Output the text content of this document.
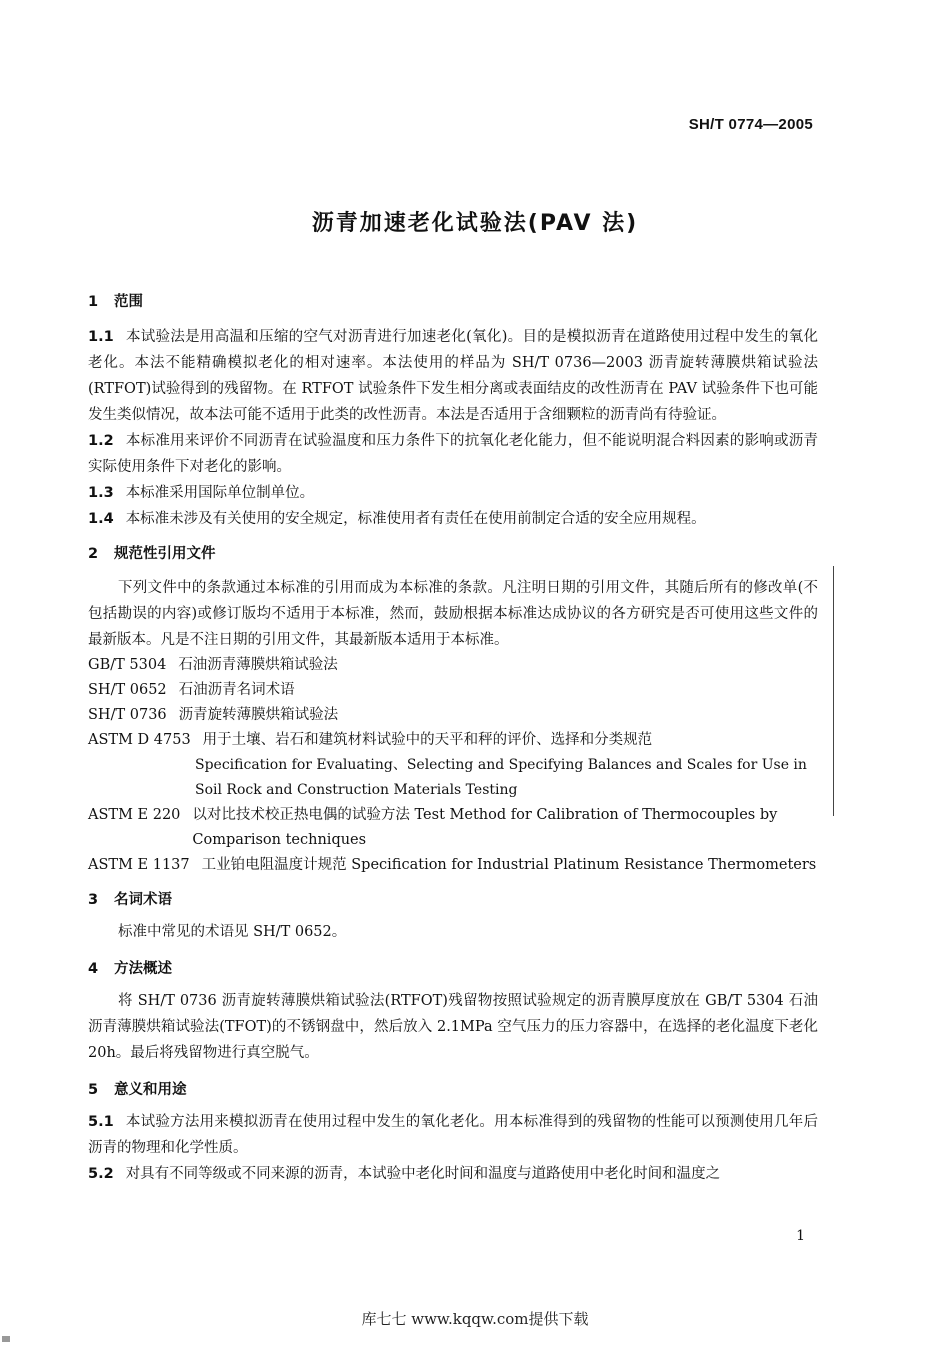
SH/T 0774—2005
沥青加速老化试验法(PAV 法)
1 范围

1.1 本试验法是用高温和压缩的空气对沥青进行加速老化(氧化)。目的是模拟沥青在道路使用过程中发生的氧化老化。本法不能精确模拟老化的相对速率。本法使用的样品为 SH/T 0736—2003 沥青旋转薄膜烘箱试验法(RTFOT)试验得到的残留物。在 RTFOT 试验条件下发生相分离或表面结皮的改性沥青在 PAV 试验条件下也可能发生类似情况，故本法可能不适用于此类的改性沥青。本法是否适用于含细颗粒的沥青尚有待验证。

1.2 本标准用来评价不同沥青在试验温度和压力条件下的抗氧化老化能力，但不能说明混合料因素的影响或沥青实际使用条件下对老化的影响。

1.3 本标准采用国际单位制单位。

1.4 本标准未涉及有关使用的安全规定，标准使用者有责任在使用前制定合适的安全应用规程。

2 规范性引用文件

下列文件中的条款通过本标准的引用而成为本标准的条款。凡注明日期的引用文件，其随后所有的修改单(不包括勘误的内容)或修订版均不适用于本标准，然而，鼓励根据本标准达成协议的各方研究是否可使用这些文件的最新版本。凡是不注日期的引用文件，其最新版本适用于本标准。

GB/T 5304 石油沥青薄膜烘箱试验法

SH/T 0652 石油沥青名词术语

SH/T 0736 沥青旋转薄膜烘箱试验法

ASTM D 4753 用于土壤、岩石和建筑材料试验中的天平和秤的评价、选择和分类规范

Specification for Evaluating、Selecting and Specifying Balances and Scales for Use in Soil Rock and Construction Materials Testing

ASTM E 220 以对比技术校正热电偶的试验方法 Test Method for Calibration of Thermocouples by Comparison techniques

ASTM E 1137 工业铂电阻温度计规范 Specification for Industrial Platinum Resistance Thermometers

3 名词术语

标准中常见的术语见 SH/T 0652。

4 方法概述

将 SH/T 0736 沥青旋转薄膜烘箱试验法(RTFOT)残留物按照试验规定的沥青膜厚度放在 GB/T 5304 石油沥青薄膜烘箱试验法(TFOT)的不锈钢盘中，然后放入 2.1MPa 空气压力的压力容器中，在选择的老化温度下老化 20h。最后将残留物进行真空脱气。

5 意义和用途

5.1 本试验方法用来模拟沥青在使用过程中发生的氧化老化。用本标准得到的残留物的性能可以预测使用几年后沥青的物理和化学性质。

5.2 对具有不同等级或不同来源的沥青，本试验中老化时间和温度与道路使用中老化时间和温度之

1
库七七 www.kqqw.com提供下载
